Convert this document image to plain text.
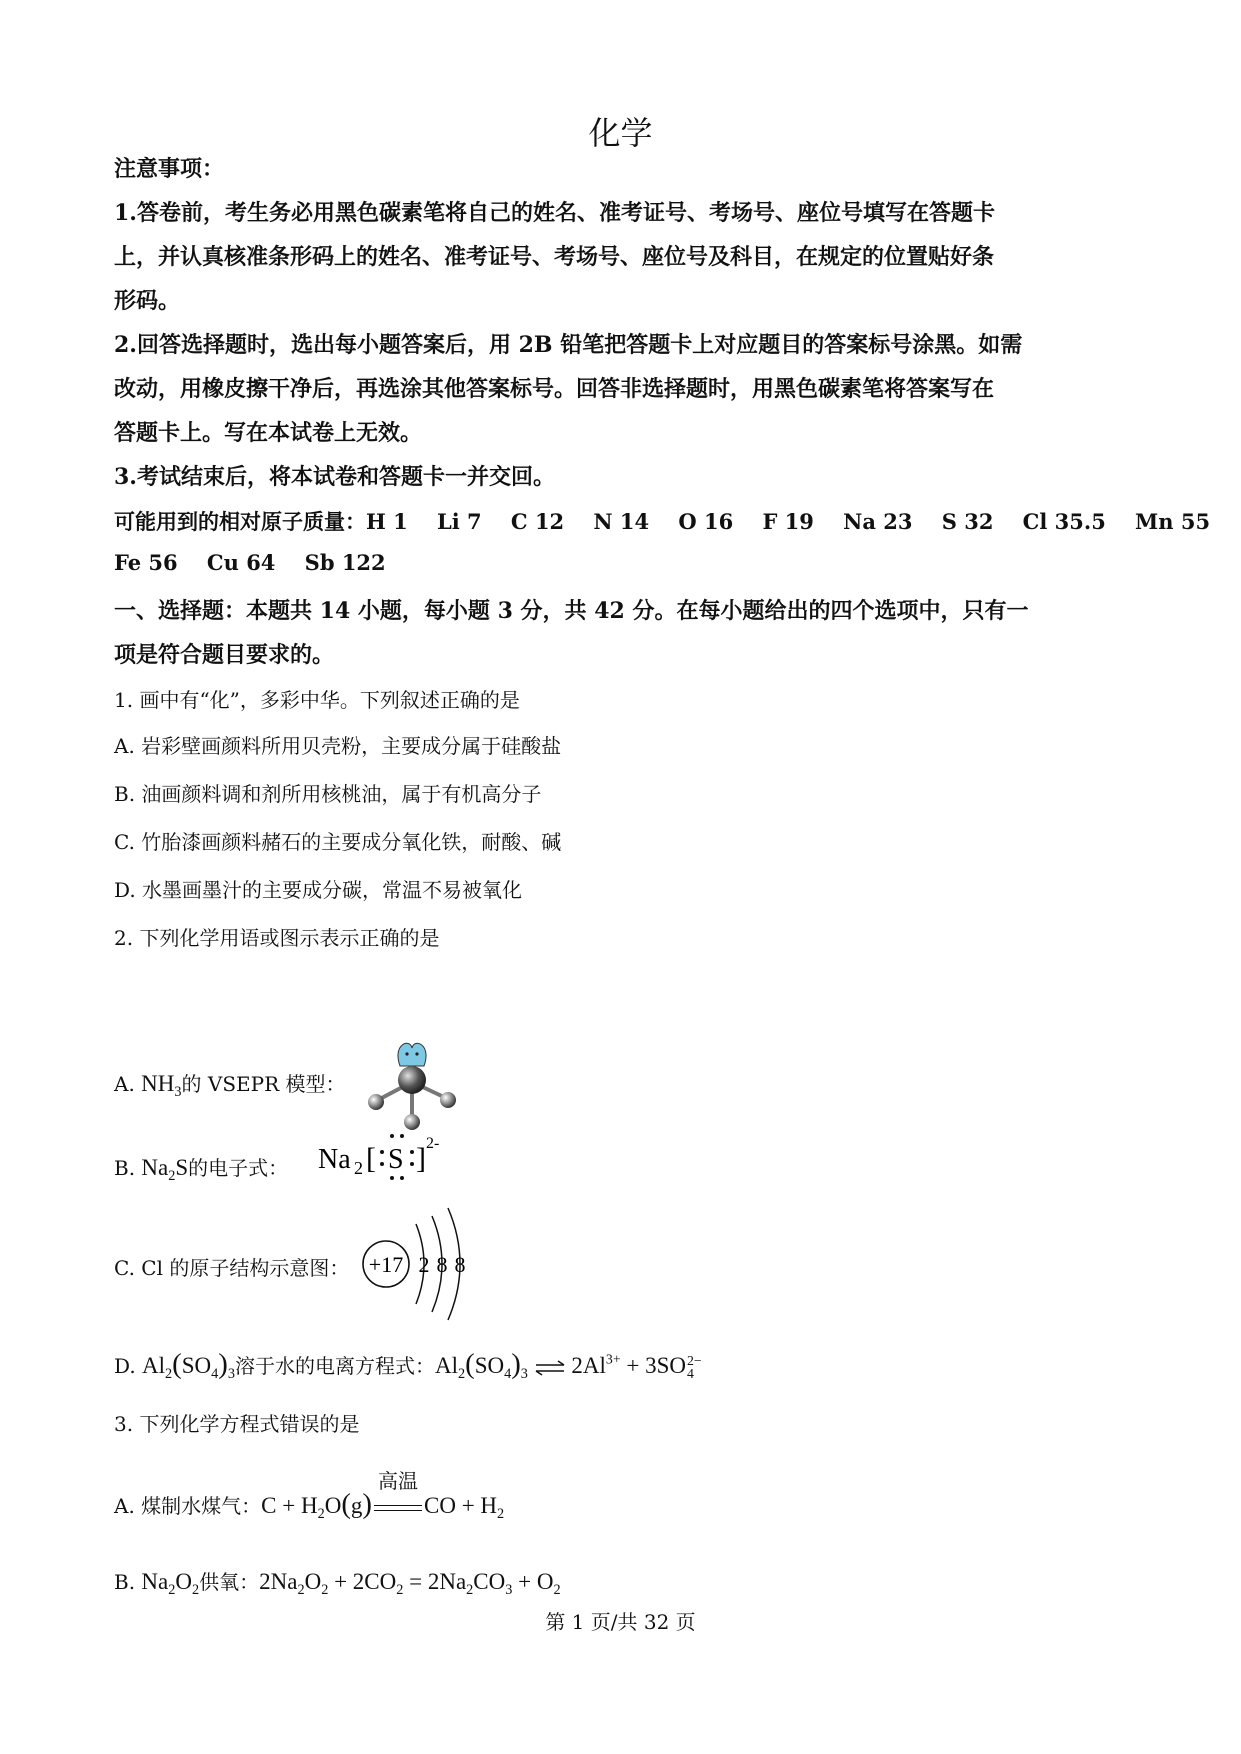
化学
注意事项：
1.答卷前，考生务必用黑色碳素笔将自己的姓名、准考证号、考场号、座位号填写在答题卡
上，并认真核准条形码上的姓名、准考证号、考场号、座位号及科目，在规定的位置贴好条
形码。
2.回答选择题时，选出每小题答案后，用 2B 铅笔把答题卡上对应题目的答案标号涂黑。如需
改动，用橡皮擦干净后，再选涂其他答案标号。回答非选择题时，用黑色碳素笔将答案写在
答题卡上。写在本试卷上无效。
3.考试结束后，将本试卷和答题卡一并交回。
可能用到的相对原子质量：H 1    Li 7    C 12    N 14    O 16    F 19    Na 23    S 32    Cl 35.5    Mn 55
Fe 56    Cu 64    Sb 122
一、选择题：本题共 14 小题，每小题 3 分，共 42 分。在每小题给出的四个选项中，只有一
项是符合题目要求的。
1. 画中有“化”，多彩中华。下列叙述正确的是
A. 岩彩壁画颜料所用贝壳粉，主要成分属于硅酸盐
B. 油画颜料调和剂所用核桃油，属于有机高分子
C. 竹胎漆画颜料赭石的主要成分氧化铁，耐酸、碱
D. 水墨画墨汁的主要成分碳，常温不易被氧化
2. 下列化学用语或图示表示正确的是
A. $NH_3$的 VSEPR 模型：
B. $Na_2S$的电子式： Na 2 [ S ] 2-
C. Cl 的原子结构示意图： +17 2 8 8
D. $Al_2(SO_4)_3$溶于水的电离方程式：$Al_2(SO_4)_3$ ⇌ $2Al^{3+} + 3SO$ 2−
4
3. 下列化学方程式错误的是
A. 煤制水煤气：$C + H_2O(g)$
高温
CO + $H_2$
B. $Na_2O_2$供氧：$2Na_2O_2 + 2CO_2 = 2Na_2CO_3 + O_2$
第 1 页/共 32 页
